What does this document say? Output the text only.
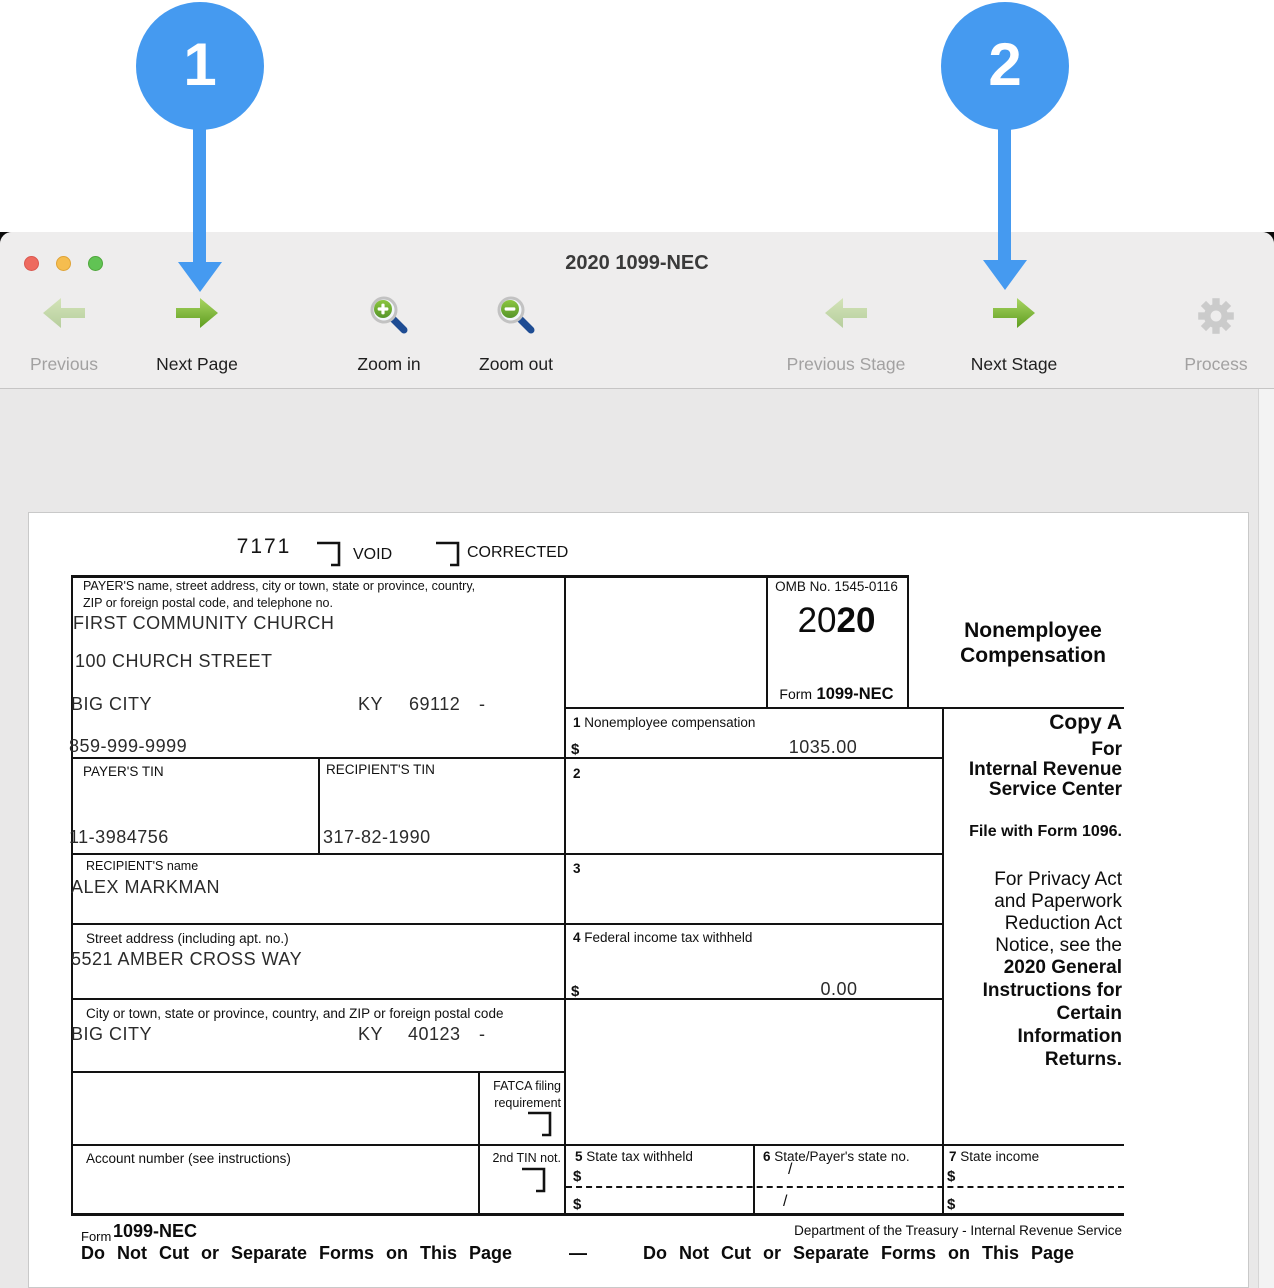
2020 1099-NEC
Previous	Next Page	Zoom in	Zoom out	Previous Stage	Next Stage	Process
7171	VOID	CORRECTED
PAYER'S name, street address, city or town, state or province, country,
ZIP or foreign postal code, and telephone no.
FIRST COMMUNITY CHURCH
100 CHURCH STREET
BIG CITY	KY 69112 -
859-999-9999
PAYER'S TIN	RECIPIENT'S TIN
11-3984756	317-82-1990
RECIPIENT'S name
ALEX MARKMAN
Street address (including apt. no.)
5521 AMBER CROSS WAY
City or town, state or province, country, and ZIP or foreign postal code
BIG CITY	KY 40123 -
FATCA filing
requirement
Account number (see instructions)	2nd TIN not.
OMB No. 1545-0116
2020
Form 1099-NEC
Nonemployee
Compensation
1 Nonemployee compensation
$	1035.00
2
3
4 Federal income tax withheld
$	0.00
5 State tax withheld
$
$
6 State/Payer's state no.
/
/
7 State income
$
$
Copy A
For
Internal Revenue
Service Center
File with Form 1096.
For Privacy Act
and Paperwork
Reduction Act
Notice, see the
2020 General
Instructions for
Certain
Information
Returns.
Form 1099-NEC	Department of the Treasury - Internal Revenue Service
Do Not Cut or Separate Forms on This Page	—	Do Not Cut or Separate Forms on This Page
1	2
